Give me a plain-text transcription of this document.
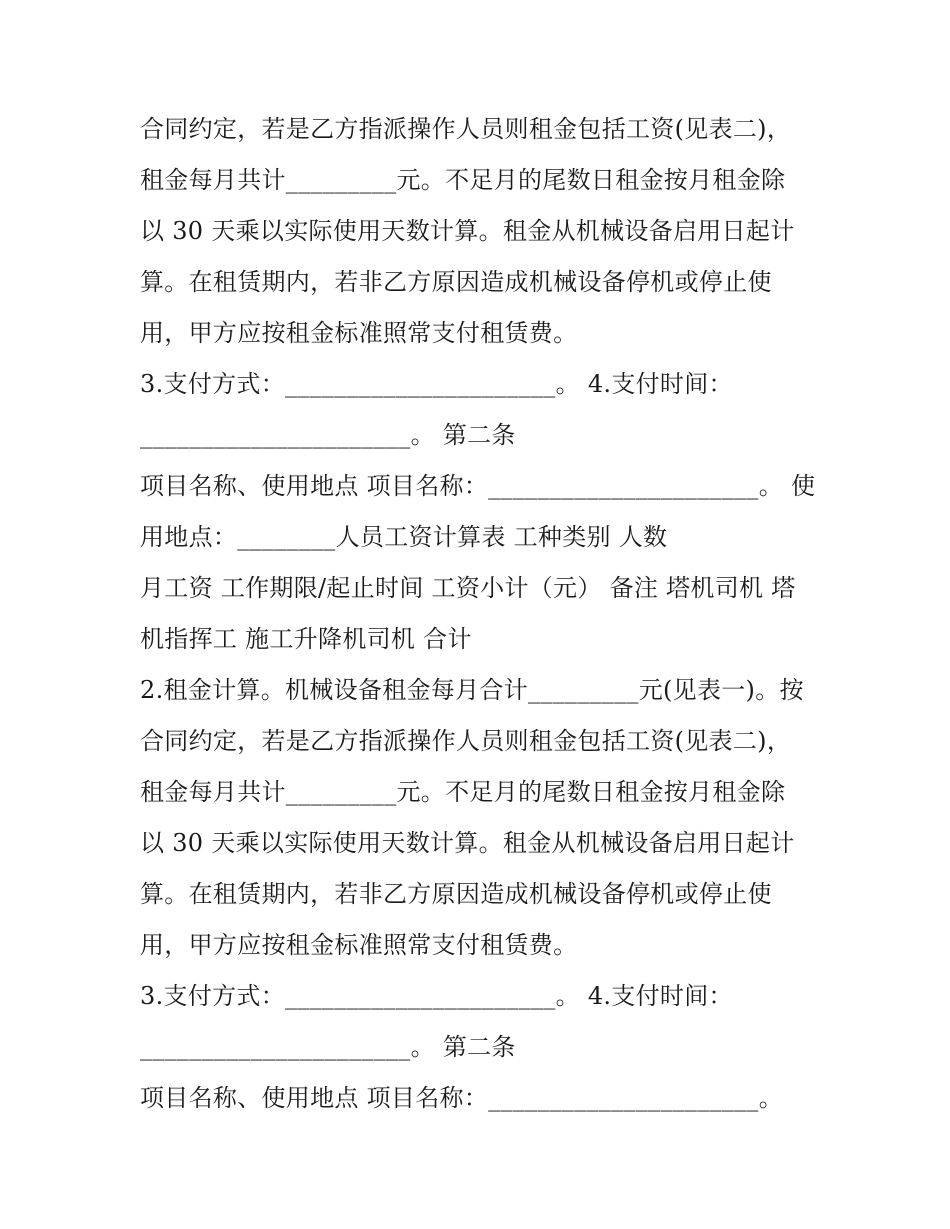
合同约定，若是乙方指派操作人员则租金包括工资(见表二)，
租金每月共计_________元。不足月的尾数日租金按月租金除
以 30 天乘以实际使用天数计算。租金从机械设备启用日起计
算。在租赁期内，若非乙方原因造成机械设备停机或停止使
用，甲方应按租金标准照常支付租赁费。
3.支付方式：______________________。 4.支付时间：
______________________。 第二条
项目名称、使用地点 项目名称：______________________。 使
用地点：________人员工资计算表 工种类别 人数
月工资 工作期限/起止时间 工资小计（元） 备注 塔机司机 塔
机指挥工 施工升降机司机 合计
2.租金计算。机械设备租金每月合计_________元(见表一)。按
合同约定，若是乙方指派操作人员则租金包括工资(见表二)，
租金每月共计_________元。不足月的尾数日租金按月租金除
以 30 天乘以实际使用天数计算。租金从机械设备启用日起计
算。在租赁期内，若非乙方原因造成机械设备停机或停止使
用，甲方应按租金标准照常支付租赁费。
3.支付方式：______________________。 4.支付时间：
______________________。 第二条
项目名称、使用地点 项目名称：______________________。
